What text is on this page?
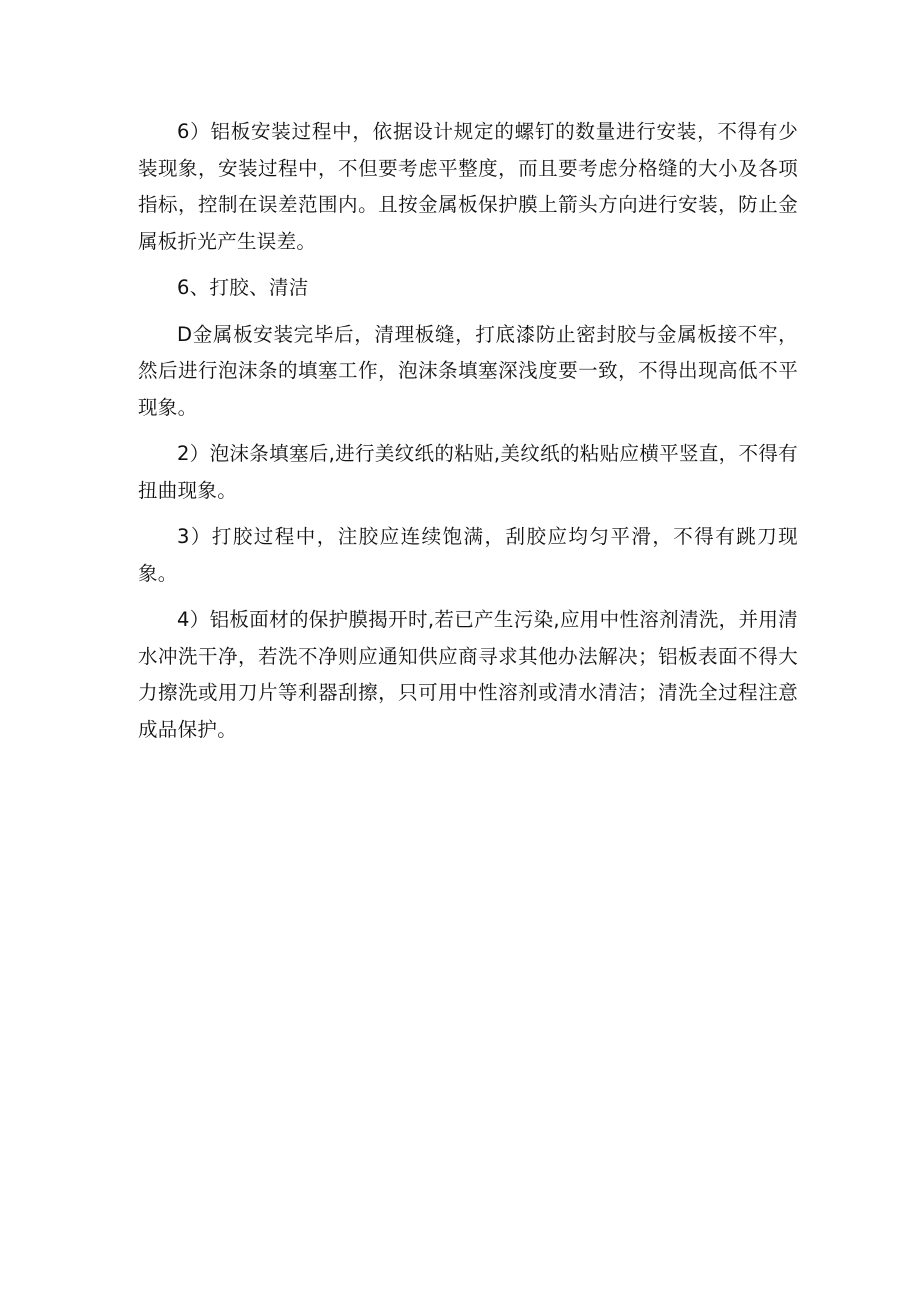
6）铝板安装过程中，依据设计规定的螺钉的数量进行安装，不得有少装现象，安装过程中，不但要考虑平整度，而且要考虑分格缝的大小及各项指标，控制在误差范围内。且按金属板保护膜上箭头方向进行安装，防止金属板折光产生误差。

6、打胶、清洁

D金属板安装完毕后，清理板缝，打底漆防止密封胶与金属板接不牢，然后进行泡沫条的填塞工作，泡沫条填塞深浅度要一致，不得出现高低不平现象。

2）泡沫条填塞后,进行美纹纸的粘贴,美纹纸的粘贴应横平竖直，不得有扭曲现象。

3）打胶过程中，注胶应连续饱满，刮胶应均匀平滑，不得有跳刀现象。

4）铝板面材的保护膜揭开时,若已产生污染,应用中性溶剂清洗，并用清水冲洗干净，若洗不净则应通知供应商寻求其他办法解决；铝板表面不得大力擦洗或用刀片等利器刮擦，只可用中性溶剂或清水清洁；清洗全过程注意成品保护。
